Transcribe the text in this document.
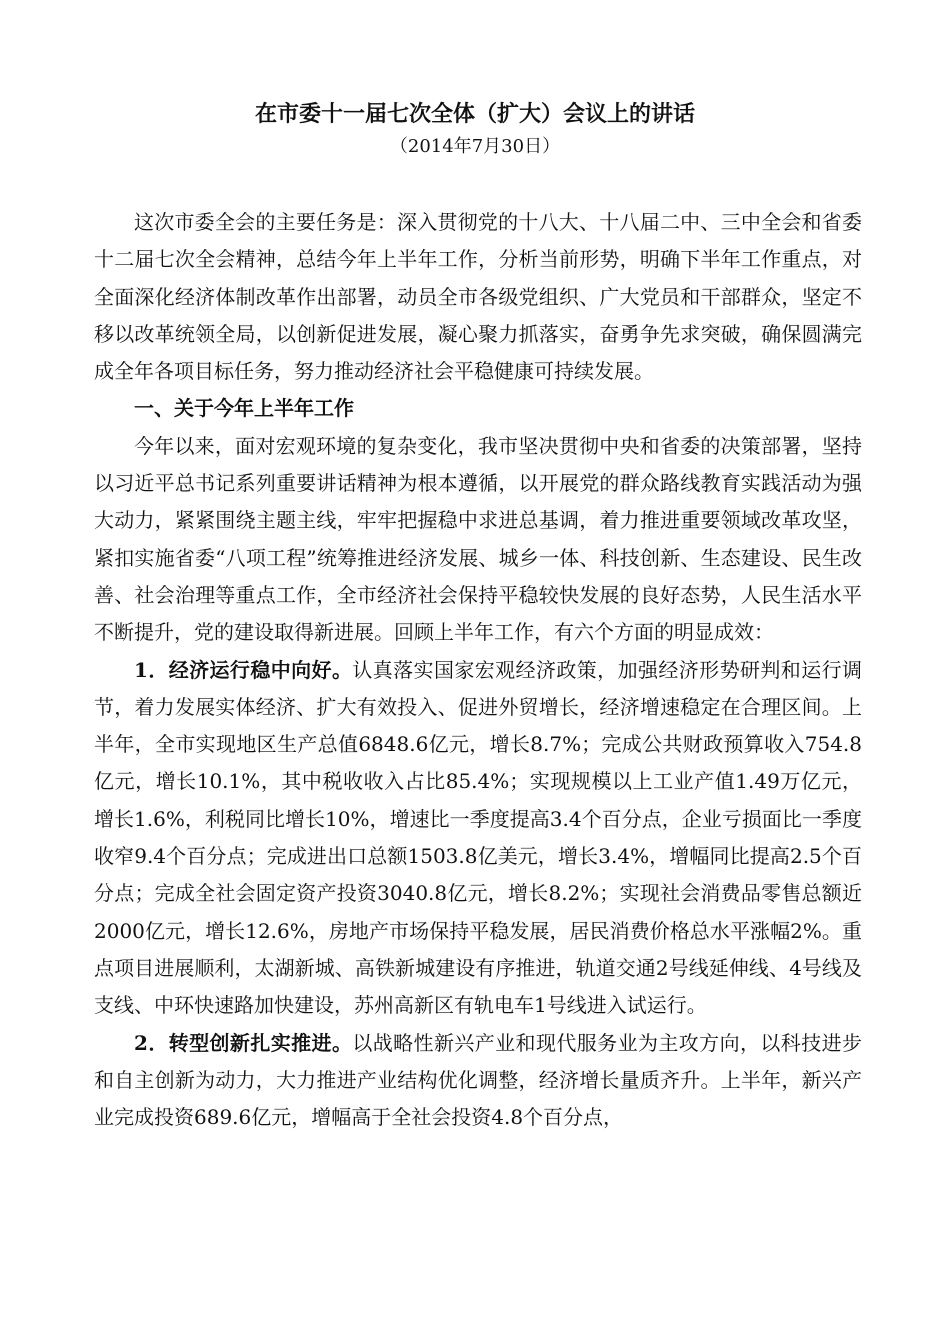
在市委十一届七次全体（扩大）会议上的讲话
（2014年7月30日）

这次市委全会的主要任务是：深入贯彻党的十八大、十八届二中、三中全会和省委十二届七次全会精神，总结今年上半年工作，分析当前形势，明确下半年工作重点，对全面深化经济体制改革作出部署，动员全市各级党组织、广大党员和干部群众，坚定不移以改革统领全局，以创新促进发展，凝心聚力抓落实，奋勇争先求突破，确保圆满完成全年各项目标任务，努力推动经济社会平稳健康可持续发展。

一、关于今年上半年工作

今年以来，面对宏观环境的复杂变化，我市坚决贯彻中央和省委的决策部署，坚持以习近平总书记系列重要讲话精神为根本遵循，以开展党的群众路线教育实践活动为强大动力，紧紧围绕主题主线，牢牢把握稳中求进总基调，着力推进重要领域改革攻坚，紧扣实施省委“八项工程”统筹推进经济发展、城乡一体、科技创新、生态建设、民生改善、社会治理等重点工作，全市经济社会保持平稳较快发展的良好态势，人民生活水平不断提升，党的建设取得新进展。回顾上半年工作，有六个方面的明显成效：

1．经济运行稳中向好。认真落实国家宏观经济政策，加强经济形势研判和运行调节，着力发展实体经济、扩大有效投入、促进外贸增长，经济增速稳定在合理区间。上半年，全市实现地区生产总值6848.6亿元，增长8.7%；完成公共财政预算收入754.8亿元，增长10.1%，其中税收收入占比85.4%；实现规模以上工业产值1.49万亿元，增长1.6%，利税同比增长10%，增速比一季度提高3.4个百分点，企业亏损面比一季度收窄9.4个百分点；完成进出口总额1503.8亿美元，增长3.4%，增幅同比提高2.5个百分点；完成全社会固定资产投资3040.8亿元，增长8.2%；实现社会消费品零售总额近2000亿元，增长12.6%，房地产市场保持平稳发展，居民消费价格总水平涨幅2%。重点项目进展顺利，太湖新城、高铁新城建设有序推进，轨道交通2号线延伸线、4号线及支线、中环快速路加快建设，苏州高新区有轨电车1号线进入试运行。

2．转型创新扎实推进。以战略性新兴产业和现代服务业为主攻方向，以科技进步和自主创新为动力，大力推进产业结构优化调整，经济增长量质齐升。上半年，新兴产业完成投资689.6亿元，增幅高于全社会投资4.8个百分点，
